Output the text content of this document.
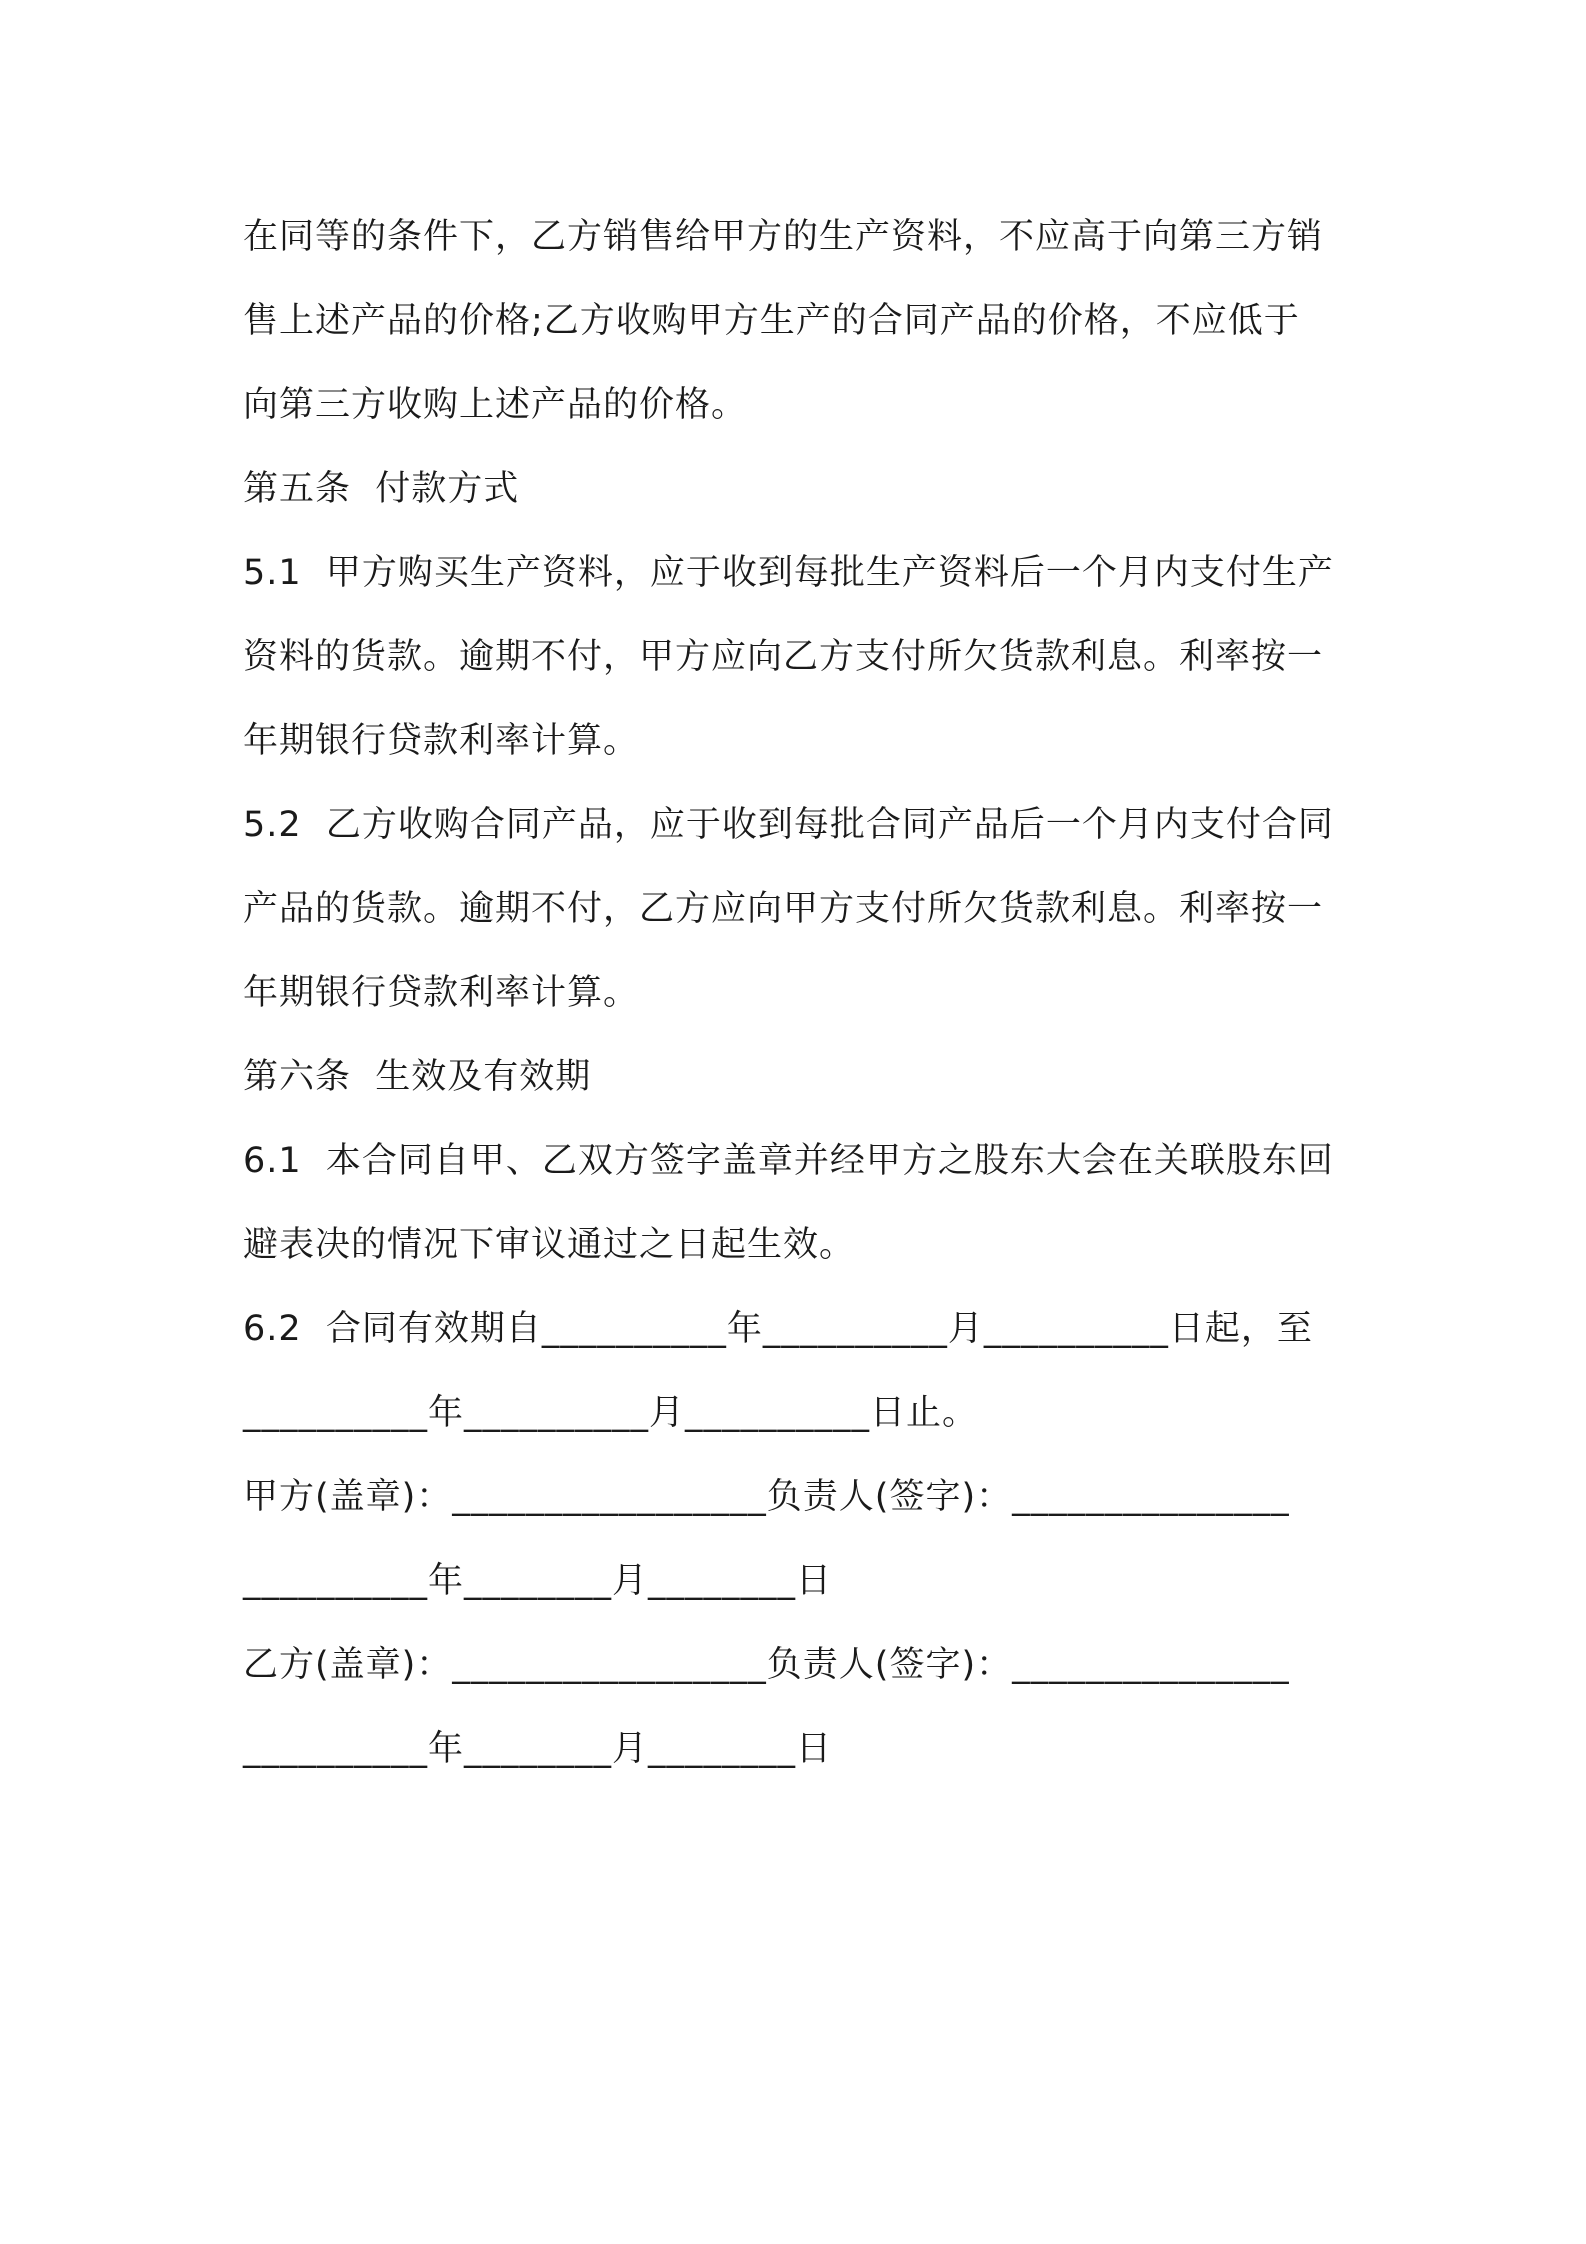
在同等的条件下，乙方销售给甲方的生产资料，不应高于向第三方销
售上述产品的价格;乙方收购甲方生产的合同产品的价格，不应低于
向第三方收购上述产品的价格。
第五条  付款方式
5.1  甲方购买生产资料，应于收到每批生产资料后一个月内支付生产
资料的货款。逾期不付，甲方应向乙方支付所欠货款利息。利率按一
年期银行贷款利率计算。
5.2  乙方收购合同产品，应于收到每批合同产品后一个月内支付合同
产品的货款。逾期不付，乙方应向甲方支付所欠货款利息。利率按一
年期银行贷款利率计算。
第六条  生效及有效期
6.1  本合同自甲、乙双方签字盖章并经甲方之股东大会在关联股东回
避表决的情况下审议通过之日起生效。
6.2  合同有效期自__________年__________月__________日起，至
__________年__________月__________日止。
甲方(盖章)：_________________负责人(签字)：_______________
__________年________月________日
乙方(盖章)：_________________负责人(签字)：_______________
__________年________月________日
